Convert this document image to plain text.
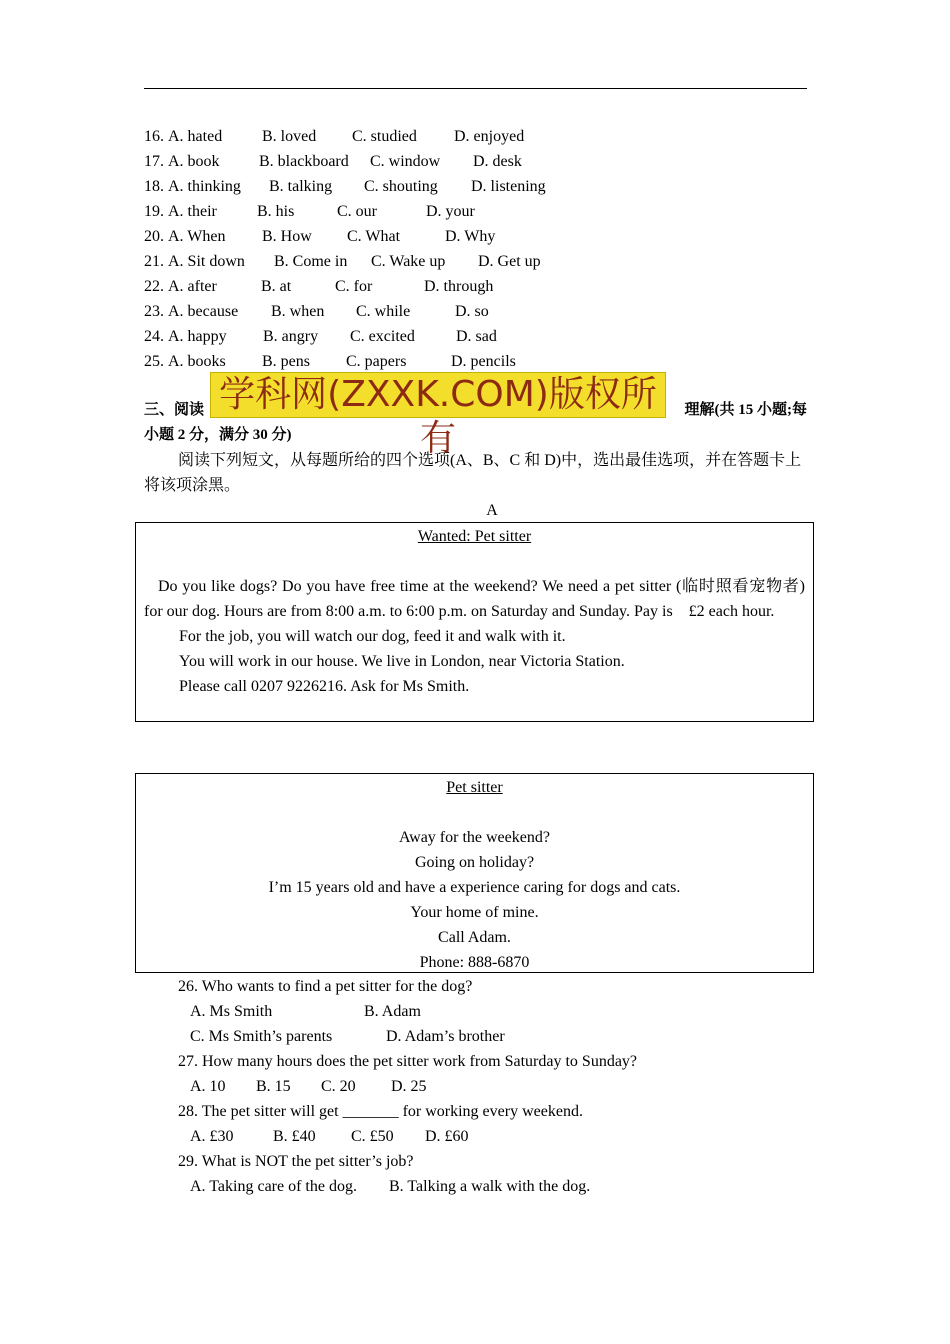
16. A. hated B. loved C. studied D. enjoyed
17. A. book B. blackboard C. window D. desk
18. A. thinking B. talking C. shouting D. listening
19. A. their	B. his	C. our	D. your
20. A. When B. How C. What	D. Why
21. A. Sit down B. Come in C. Wake up D. Get up
22. A. after	B. at	C. for	D. through
23. A. because B. when C. while	D. so
24. A. happy B. angry C. excited	D. sad
25. A. books B. pens C. papers	D. pencils
三、阅读	理解(共 15 小题;每
小题 2 分，满分 30 分)
学科网(ZXXK.COM)版权所有
阅读下列短文，从每题所给的四个选项(A、B、C 和 D)中，选出最佳选项，并在答题卡上
将该项涂黑。
A
Wanted: Pet sitter

Do you like dogs? Do you have free time at the weekend? We need a pet sitter (临时照看宠物者) for our dog. Hours are from 8:00 a.m. to 6:00 p.m. on Saturday and Sunday. Pay is　£2 each hour.

For the job, you will watch our dog, feed it and walk with it.

You will work in our house. We live in London, near Victoria Station.

Please call 0207 9226216. Ask for Ms Smith.

Pet sitter

Away for the weekend?

Going on holiday?

I’m 15 years old and have a experience caring for dogs and cats.

Your home of mine.

Call Adam.

Phone: 888-6870

26. Who wants to find a pet sitter for the dog?
A. Ms Smith	B. Adam
C. Ms Smith’s parents	D. Adam’s brother
27. How many hours does the pet sitter work from Saturday to Sunday?
A. 10 B. 15 C. 20 D. 25
28. The pet sitter will get _______ for working every weekend.
A. £30 B. £40 C. £50 D. £60
29. What is NOT the pet sitter’s job?
A. Taking care of the dog. B. Talking a walk with the dog.
